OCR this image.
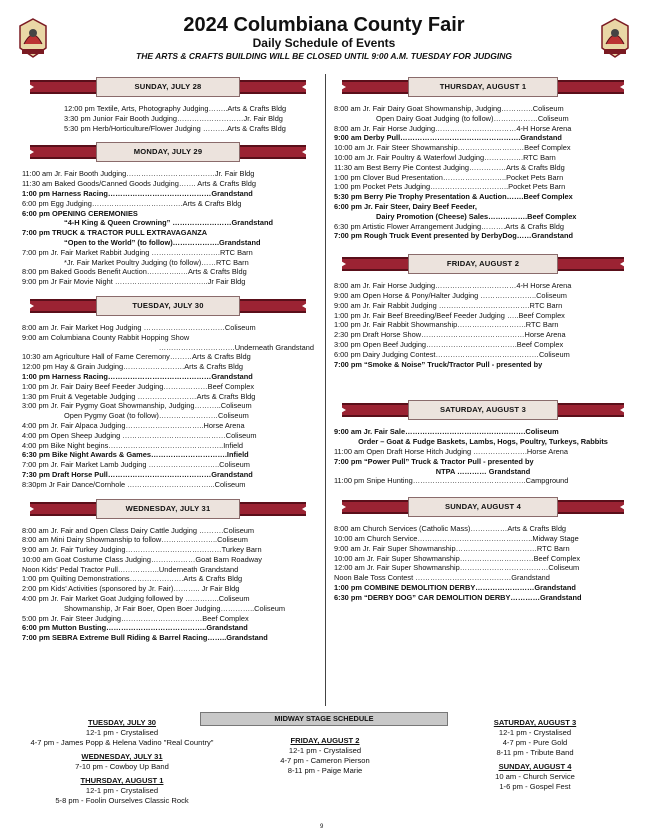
2024 Columbiana County Fair
Daily Schedule of Events
THE ARTS & CRAFTS BUILDING WILL BE CLOSED UNTIL 9:00 A.M. TUESDAY FOR JUDGING
SUNDAY, JULY 28
12:00 pm Textile, Arts, Photography Judging……..Arts & Crafts Bldg
3:30 pm Junior Fair Booth Judging………………………Jr. Fair Bldg
5:30 pm Herb/Horticulture/Flower Judging ……….Arts & Crafts Bldg
MONDAY, JULY 29
11:00 am Jr. Fair Booth Judging………………………………Jr. Fair Bldg
11:30 am Baked Goods/Canned Goods Judging……. Arts & Crafts Bldg
1:00 pm Harness Racing……………………………………Grandstand
6:00 pm Egg Judging……………………………….Arts & Crafts Bldg
6:00 pm OPENING CEREMONIES
“4-H King & Queen Crowning” ……………………Grandstand
7:00 pm TRUCK & TRACTOR PULL EXTRAVAGANZA
“Open to the World” (to follow)……………….Grandstand
7:00 pm Jr. Fair Market Rabbit Judging ……………………….RTC Barn
*Jr. Fair Market Poultry Judging (to follow)……RTC Barn
8:00 pm Baked Goods Benefit Auction…………..…Arts & Crafts Bldg
9:00 pm Jr Fair Movie Night ………………………………..Jr Fair Bldg
TUESDAY, JULY 30
8:00 am Jr. Fair Market Hog Judging ……………………………Coliseum
9:00 am Columbiana County Rabbit Hopping Show
………………………….Underneath Grandstand
10:30 am Agriculture Hall of Fame Ceremony………Arts & Crafts Bldg
12:00 pm Hay & Grain Judging…………………….Arts & Crafts Bldg
1:00 pm Harness Racing……………………………………Grandstand
1:00 pm Jr. Fair Dairy Beef Feeder Judging………………Beef Complex
1:30 pm Fruit & Vegetable Judging ……………………Arts & Crafts Bldg
3:00 pm Jr. Fair Pygmy Goat Showmanship, Judging………..Coliseum
Open Pygmy Goat (to follow)……………………Coliseum
4:00 pm Jr. Fair Alpaca Judging…………………………..Horse Arena
4:00 pm Open Sheep Judging ……………………………………Coliseum
4:00 pm Bike Night begins………………………………………..Infield
6:30 pm Bike Night Awards & Games………………………….Infield
7:00 pm Jr. Fair Market Lamb Judging ………………………..Coliseum
7:30 pm Draft Horse Pull……………………………………Grandstand
8:30pm Jr Fair Dance/Cornhole ……………………………...Coliseum
WEDNESDAY, JULY 31
8:00 am Jr. Fair and Open Class Dairy Cattle Judging ……….Coliseum
8:00 am Mini Dairy Showmanship to follow…………………..Coliseum
9:00 am Jr. Fair Turkey Judging…………………………………Turkey Barn
10:00 am Goat Costume Class Judging………………Goat Barn Roadway
Noon Kids’ Pedal Tractor Pull……………..Underneath Grandstand
1:00 pm Quilting Demonstrations………………….Arts & Crafts Bldg
2:00 pm Kids’ Activities (sponsored by Jr. Fair)……….. Jr Fair Bldg
4:00 pm Jr. Fair Market Goat Judging followed by …………..Coliseum
Showmanship, Jr Fair Boer, Open Boer Judging…………..Coliseum
5:00 pm Jr. Fair Steer Judging……………………………Beef Complex
6:00 pm Mutton Busting…………………………………..Grandstand
7:00 pm SEBRA Extreme Bull Riding & Barrel Racing……..Grandstand
THURSDAY, AUGUST 1
8:00 am Jr. Fair Dairy Goat Showmanship, Judging………….Coliseum
Open Dairy Goat Judging (to follow)………………Coliseum
8:00 am Jr. Fair Horse Judging……………………………4-H Horse Arena
9:00 am Derby Pull………………………………………….Grandstand
10:00 am Jr. Fair Steer Showmanship………………………Beef Complex
10:00 am Jr. Fair Poultry & Waterfowl Judging…………….RTC Barn
11:30 am Best Berry Pie Contest Judging……………Arts & Crafts Bldg
1:00 pm Clover Bud Presentation……………………..Pocket Pets Barn
1:00 pm Pocket Pets Judging…………………………..Pocket Pets Barn
5:30 pm Berry Pie Trophy Presentation & Auction…….Beef Complex
6:00 pm Jr. Fair Steer, Dairy Beef Feeder,
Dairy Promotion (Cheese) Sales…………….Beef Complex
6:30 pm Artistic Flower Arrangement Judging……….Arts & Crafts Bldg
7:00 pm Rough Truck Event presented by DerbyDog……Grandstand
FRIDAY, AUGUST 2
8:00 am Jr. Fair Horse Judging……………………………4-H Horse Arena
9:00 am Open Horse & Pony/Halter Judging …………………..Coliseum
9:00 am Jr. Fair Rabbit Judging ……………………………….RTC Barn
1:00 pm Jr. Fair Beef Breeding/Beef Feeder Judging …..Beef Complex
1:00 pm Jr. Fair Rabbit Showmanship……………………….RTC Barn
2:30 pm Draft Horse Show……………………………………Horse Arena
3:00 pm Open Beef Judging……………………………….Beef Complex
6:00 pm Dairy Judging Contest……………………………………Coliseum
7:00 pm “Smoke & Noise” Truck/Tractor Pull - presented by
SATURDAY, AUGUST 3
9:00 am Jr. Fair Sale………………………………………….Coliseum
Order – Goat & Fudge Baskets, Lambs, Hogs, Poultry, Turkeys, Rabbits
11:00 am Open Draft Horse Hitch Judging ………………….Horse Arena
7:00 pm “Power Pull” Truck & Tractor Pull - presented by
NTPA ………… Grandstand
11:00 pm Snipe Hunting……………………………………….Campground
SUNDAY, AUGUST 4
8:00 am Church Services (Catholic Mass)……………Arts & Crafts Bldg
10:00 am Church Service………………………………………..Midway Stage
9:00 am Jr. Fair Super Showmanship……………………………RTC Barn
10:00 am Jr. Fair Super Showmanship…………………………Beef Complex
12:00 am Jr. Fair Super Showmanship………………………………Coliseum
Noon Bale Toss Contest …………………………………Grandstand
1:00 pm COMBINE DEMOLITION DERBY……………………Grandstand
6:30 pm “DERBY DOG” CAR DEMOLITION DERBY…………Grandstand
MIDWAY STAGE SCHEDULE
TUESDAY, JULY 30
12-1 pm - Crystalised
4-7 pm - James Popp & Helena Vadino "Real Country"
WEDNESDAY, JULY 31
7-10 pm - Cowboy Up Band
THURSDAY, AUGUST 1
12-1 pm - Crystalised
5-8 pm - Foolin Ourselves Classic Rock
FRIDAY, AUGUST 2
12-1 pm - Crystalised
4-7 pm - Cameron Pierson
8-11 pm - Paige Marie
SATURDAY, AUGUST 3
12-1 pm - Crystalised
4-7 pm - Pure Gold
8-11 pm - Tribute Band
SUNDAY, AUGUST 4
10 am - Church Service
1-6 pm - Gospel Fest
9
